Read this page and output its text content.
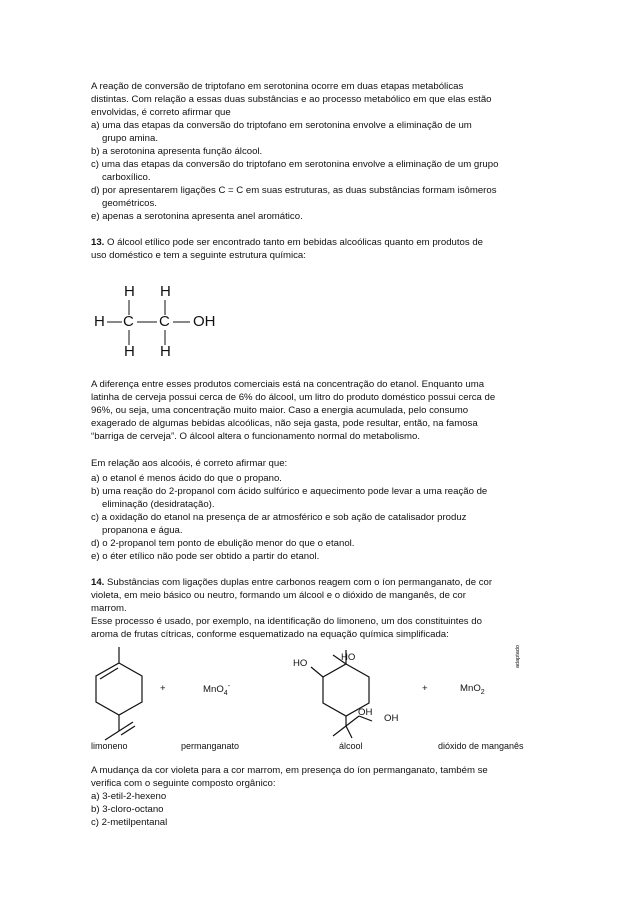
A reação de conversão de triptofano em serotonina ocorre em duas etapas metabólicas
distintas. Com relação a essas duas substâncias e ao processo metabólico em que elas estão
envolvidas, é correto afirmar que
a) uma das etapas da conversão do triptofano em serotonina envolve a eliminação de um
grupo amina.
b) a serotonina apresenta função álcool.
c) uma das etapas da conversão do triptofano em serotonina envolve a eliminação de um grupo
carboxílico.
d) por apresentarem ligações C = C em suas estruturas, as duas substâncias formam isômeros
geométricos.
e) apenas a serotonina apresenta anel aromático.
13. O álcool etílico pode ser encontrado tanto em bebidas alcoólicas quanto em produtos de
uso doméstico e tem a seguinte estrutura química:
H H
H C C OH
H H
A diferença entre esses produtos comerciais está na concentração do etanol. Enquanto uma
latinha de cerveja possui cerca de 6% do álcool, um litro do produto doméstico possui cerca de
96%, ou seja, uma concentração muito maior. Caso a energia acumulada, pelo consumo
exagerado de algumas bebidas alcoólicas, não seja gasta, pode resultar, então, na famosa
“barriga de cerveja”. O álcool altera o funcionamento normal do metabolismo.
Em relação aos alcoóis, é correto afirmar que:
a) o etanol é menos ácido do que o propano.
b) uma reação do 2-propanol com ácido sulfúrico e aquecimento pode levar a uma reação de
eliminação (desidratação).
c) a oxidação do etanol na presença de ar atmosférico e sob ação de catalisador produz
propanona e água.
d) o 2-propanol tem ponto de ebulição menor do que o etanol.
e) o éter etílico não pode ser obtido a partir do etanol.
14. Substâncias com ligações duplas entre carbonos reagem com o íon permanganato, de cor
violeta, em meio básico ou neutro, formando um álcool e o dióxido de manganês, de cor
marrom.
Esse processo é usado, por exemplo, na identificação do limoneno, um dos constituintes do
aroma de frutas cítricas, conforme esquematizado na equação química simplificada:
+	MnO$_4$-
HO
HO
OH
OH
+	MnO$_2$
adaptado
limoneno	permanganato	álcool	dióxido de manganês
A mudança da cor violeta para a cor marrom, em presença do íon permanganato, também se
verifica com o seguinte composto orgânico:
a) 3-etil-2-hexeno
b) 3-cloro-octano
c) 2-metilpentanal
